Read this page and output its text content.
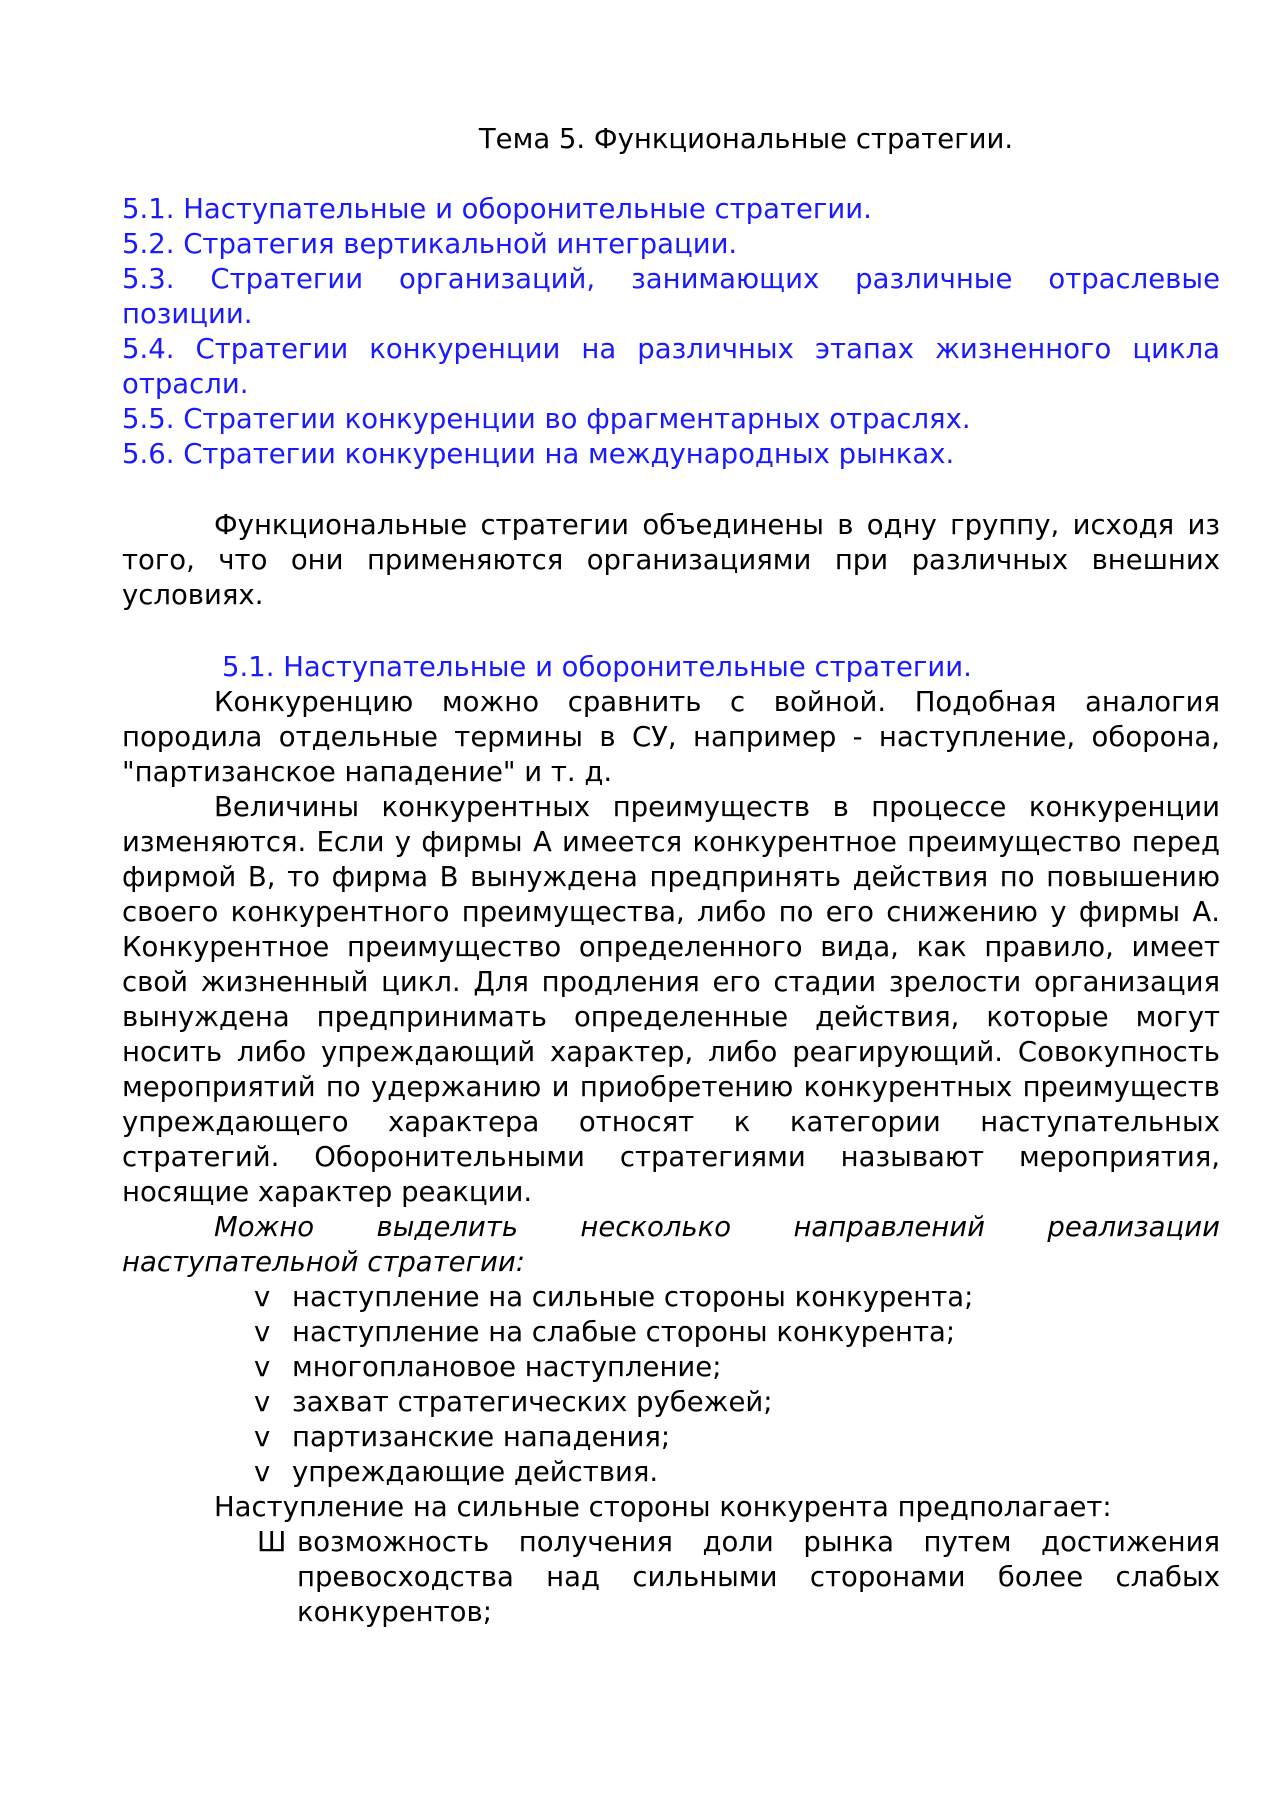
Тема 5. Функциональные стратегии.
5.1. Наступательные и оборонительные стратегии.
5.2. Стратегия вертикальной интеграции.
5.3. Стратегии организаций, занимающих различные отраслевые позиции.
5.4. Стратегии конкуренции на различных этапах жизненного цикла отрасли.
5.5. Стратегии конкуренции во фрагментарных отраслях.
5.6. Стратегии конкуренции на международных рынках.

Функциональные стратегии объединены в одну группу, исходя из того, что они применяются организациями при различных внешних условиях.

5.1. Наступательные и оборонительные стратегии.

Конкуренцию можно сравнить с войной. Подобная аналогия породила отдельные термины в СУ, например - наступление, оборона, "партизанское нападение" и т. д.

Величины конкурентных преимуществ в процессе конкуренции изменяются. Если у фирмы А имеется конкурентное преимущество перед фирмой В, то фирма В вынуждена предпринять действия по повышению своего конкурентного преимущества, либо по его снижению у фирмы А. Конкурентное преимущество определенного вида, как правило, имеет свой жизненный цикл. Для продления его стадии зрелости организация вынуждена предпринимать определенные действия, которые могут носить либо упреждающий характер, либо реагирующий. Совокупность мероприятий по удержанию и приобретению конкурентных преимуществ упреждающего характера относят к категории наступательных стратегий. Оборонительными стратегиями называют мероприятия, носящие характер реакции.

Можно выделить несколько направлений реализации наступательной стратегии:

v наступление на сильные стороны конкурента;
v наступление на слабые стороны конкурента;
v многоплановое наступление;
v захват стратегических рубежей;
v партизанские нападения;
v упреждающие действия.

Наступление на сильные стороны конкурента предполагает:

Ш возможность получения доли рынка путем достижения превосходства над сильными сторонами более слабых конкурентов;
